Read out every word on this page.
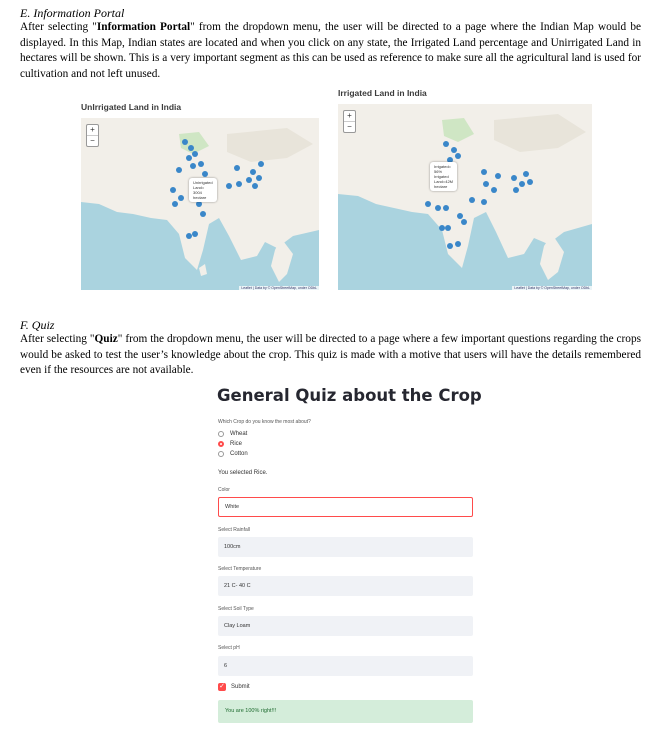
E. Information Portal

After selecting "Information Portal" from the dropdown menu, the user will be directed to a page where the Indian Map would be displayed. In this Map, Indian states are located and when you click on any state, the Irrigated Land percentage and Unirrigated Land in hectares will be shown. This is a very important segment as this can be used as reference to make sure all the agricultural land is used for cultivation and not left unused.

UnIrrigated Land in India
Irrigated Land in India
+
−
Unirrigated
Land=
3004
hectare
Leaflet | Data by © OpenStreetMap, under ODbL
+
−
Irrigated=
56%
Irrigated
Land=42M
hectare
Leaflet | Data by © OpenStreetMap, under ODbL
F. Quiz

After selecting "Quiz" from the dropdown menu, the user will be directed to a page where a few important questions regarding the crops would be asked to test the user’s knowledge about the crop. This quiz is made with a motive that users will have the details remembered even if the resources are not available.

General Quiz about the Crop
Which Crop do you know the most about?
Wheat
Rice
Cotton
You selected Rice.
Color
White
Select Rainfall
100cm
Select Temperature
21 C- 40 C
Select Soil Type
Clay Loam
Select pH
6
✓ Submit
You are 100% right!!!
